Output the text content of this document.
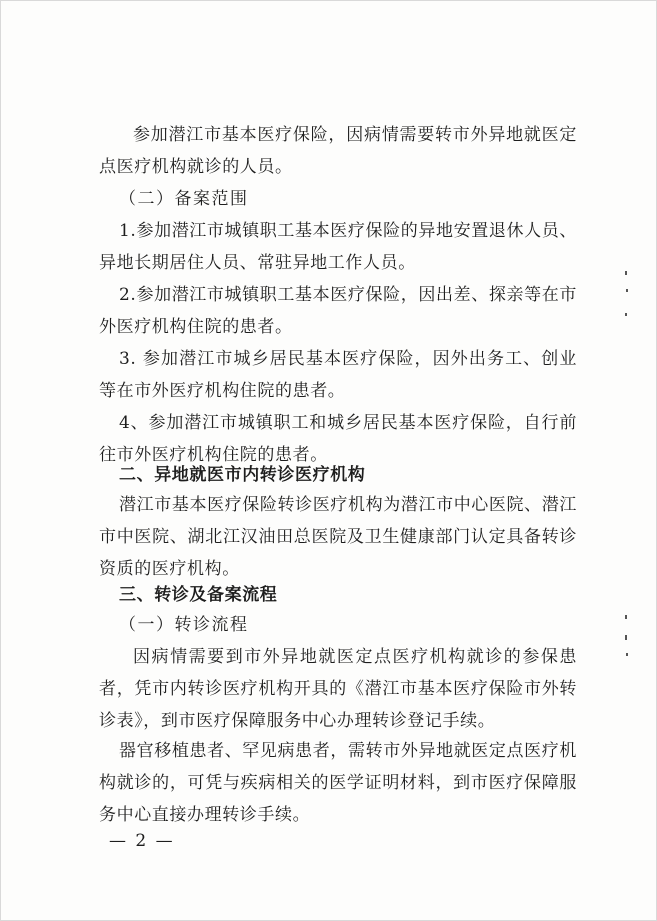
参加潜江市基本医疗保险，因病情需要转市外异地就医定点医疗机构就诊的人员。
（二）备案范围
1.参加潜江市城镇职工基本医疗保险的异地安置退休人员、异地长期居住人员、常驻异地工作人员。
2.参加潜江市城镇职工基本医疗保险，因出差、探亲等在市外医疗机构住院的患者。
3. 参加潜江市城乡居民基本医疗保险，因外出务工、创业等在市外医疗机构住院的患者。
4、参加潜江市城镇职工和城乡居民基本医疗保险，自行前往市外医疗机构住院的患者。
二、异地就医市内转诊医疗机构
潜江市基本医疗保险转诊医疗机构为潜江市中心医院、潜江市中医院、湖北江汉油田总医院及卫生健康部门认定具备转诊资质的医疗机构。
三、转诊及备案流程
（一）转诊流程
因病情需要到市外异地就医定点医疗机构就诊的参保患者，凭市内转诊医疗机构开具的《潜江市基本医疗保险市外转诊表》，到市医疗保障服务中心办理转诊登记手续。
器官移植患者、罕见病患者，需转市外异地就医定点医疗机构就诊的，可凭与疾病相关的医学证明材料，到市医疗保障服务中心直接办理转诊手续。
— 2 —
